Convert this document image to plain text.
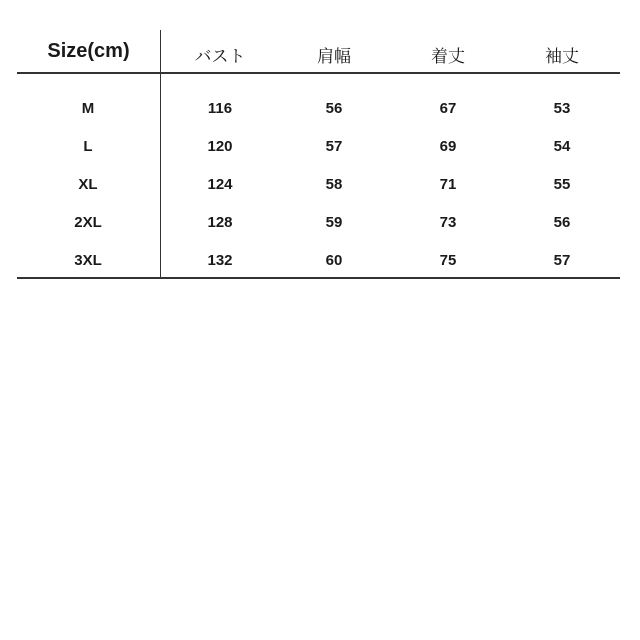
Size(cm)	バスト	肩幅	着丈	袖丈
M	116	56	67	53
L	120	57	69	54
XL	124	58	71	55
2XL	128	59	73	56
3XL	132	60	75	57
